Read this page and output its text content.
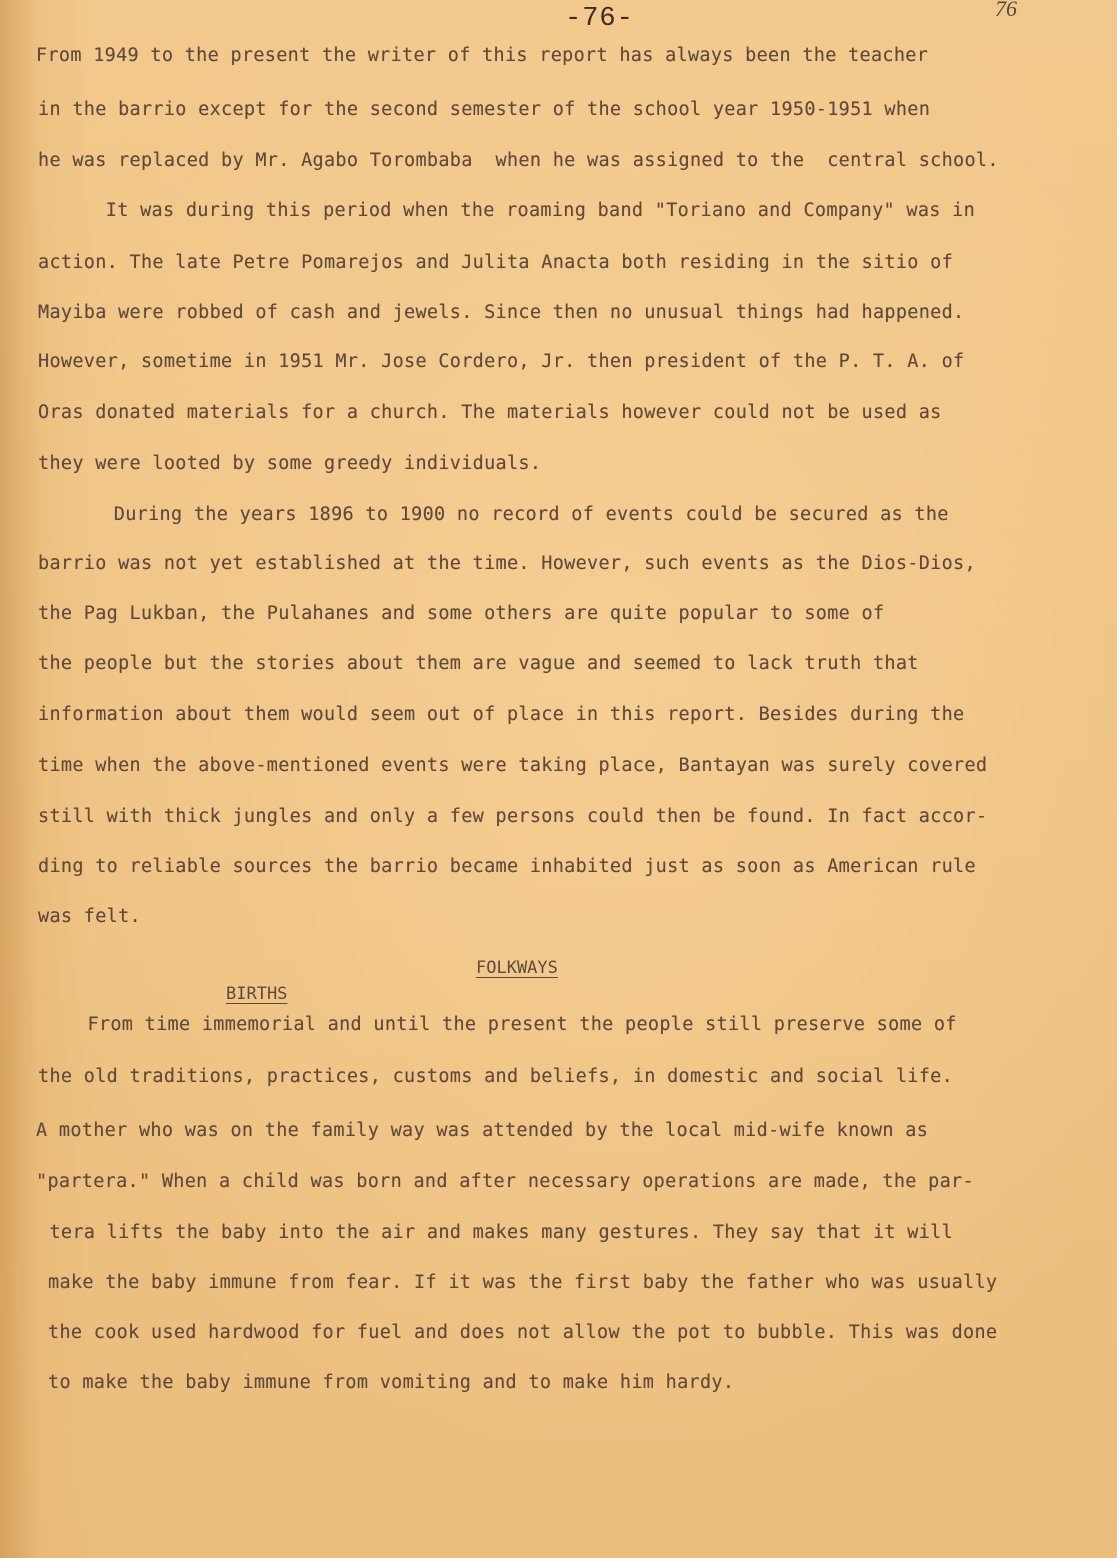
-76-	76
From 1949 to the present the writer of this report has always been the teacher
in the barrio except for the second semester of the school year 1950-1951 when
he was replaced by Mr. Agabo Torombaba  when he was assigned to the  central school.
It was during this period when the roaming band "Toriano and Company" was in
action. The late Petre Pomarejos and Julita Anacta both residing in the sitio of
Mayiba were robbed of cash and jewels. Since then no unusual things had happened.
However, sometime in 1951 Mr. Jose Cordero, Jr. then president of the P. T. A. of
Oras donated materials for a church. The materials however could not be used as
they were looted by some greedy individuals.
During the years 1896 to 1900 no record of events could be secured as the
barrio was not yet established at the time. However, such events as the Dios-Dios,
the Pag Lukban, the Pulahanes and some others are quite popular to some of
the people but the stories about them are vague and seemed to lack truth that
information about them would seem out of place in this report. Besides during the
time when the above-mentioned events were taking place, Bantayan was surely covered
still with thick jungles and only a few persons could then be found. In fact accor-
ding to reliable sources the barrio became inhabited just as soon as American rule
was felt.
FOLKWAYS
BIRTHS
From time immemorial and until the present the people still preserve some of
the old traditions, practices, customs and beliefs, in domestic and social life.
A mother who was on the family way was attended by the local mid-wife known as
"partera." When a child was born and after necessary operations are made, the par-
tera lifts the baby into the air and makes many gestures. They say that it will
make the baby immune from fear. If it was the first baby the father who was usually
the cook used hardwood for fuel and does not allow the pot to bubble. This was done
to make the baby immune from vomiting and to make him hardy.
